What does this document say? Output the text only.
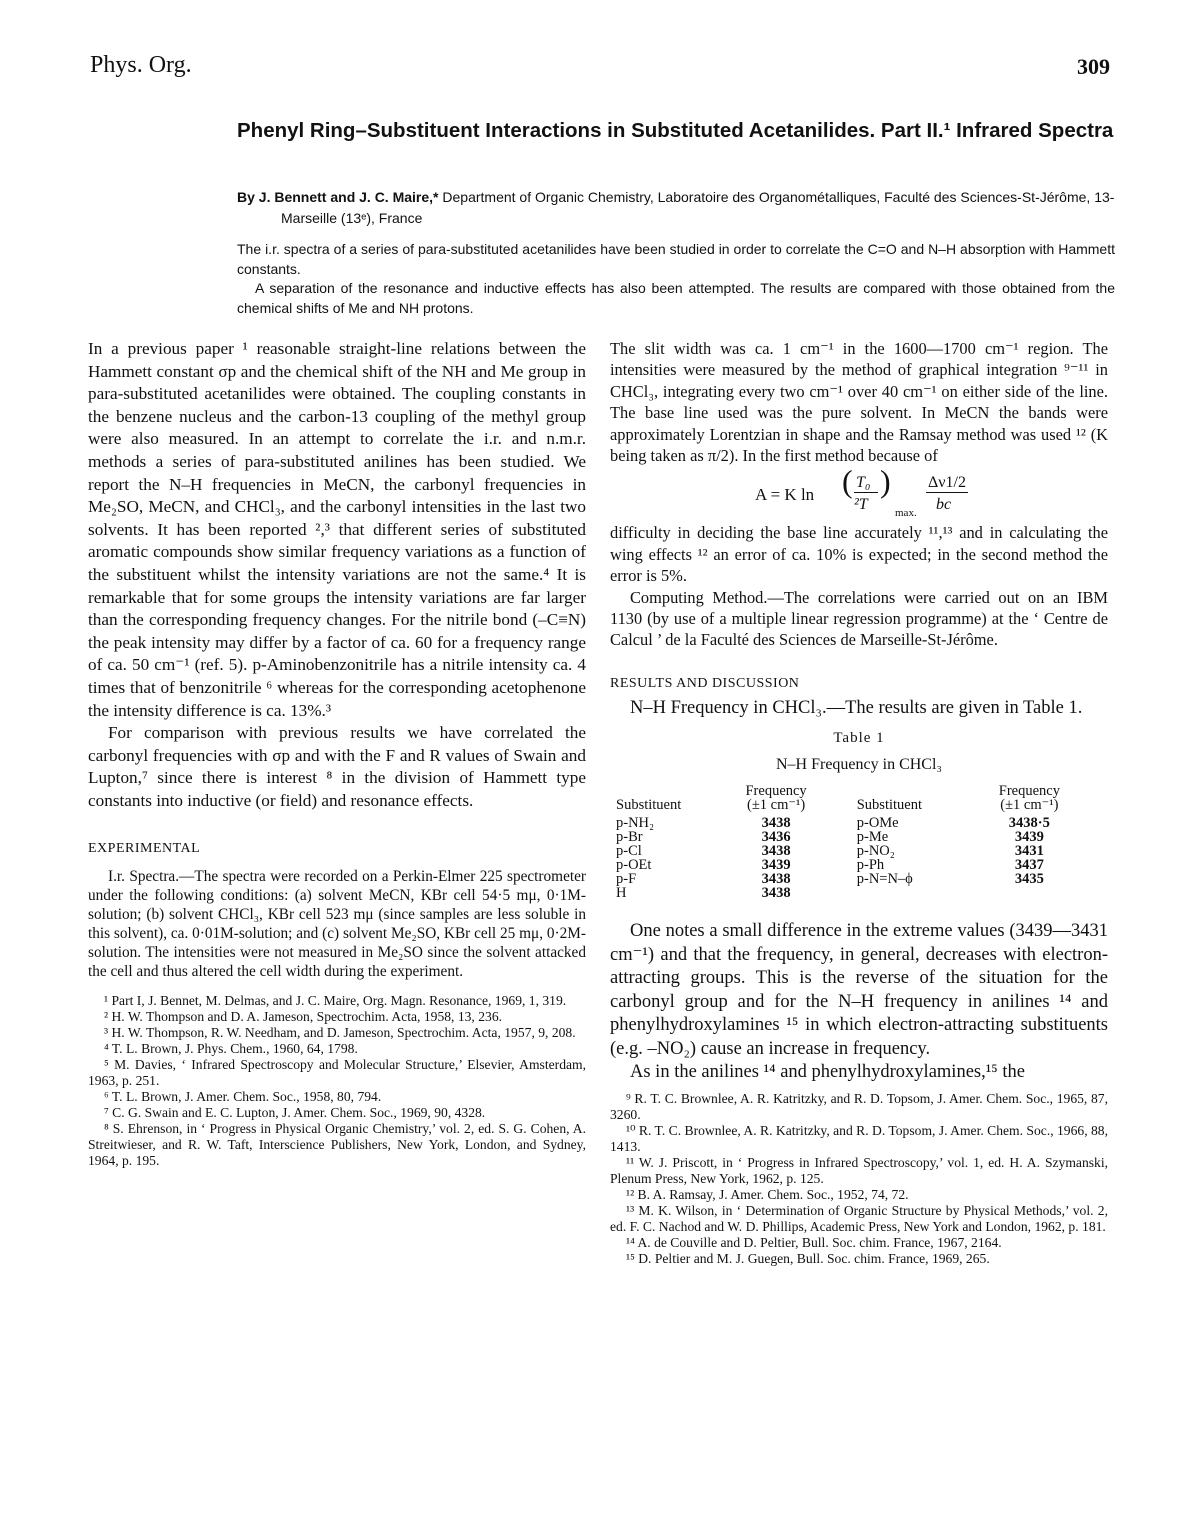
Phys. Org.	309
Phenyl Ring–Substituent Interactions in Substituted Acetanilides. Part II.¹ Infrared Spectra
By J. Bennett and J. C. Maire,* Department of Organic Chemistry, Laboratoire des Organométalliques, Faculté des Sciences-St-Jérôme, 13-Marseille (13ᵉ), France

The i.r. spectra of a series of para-substituted acetanilides have been studied in order to correlate the C=O and N–H absorption with Hammett constants.

A separation of the resonance and inductive effects has also been attempted. The results are compared with those obtained from the chemical shifts of Me and NH protons.

In a previous paper ¹ reasonable straight-line relations between the Hammett constant σp and the chemical shift of the NH and Me group in para-substituted acetanilides were obtained. The coupling constants in the benzene nucleus and the carbon-13 coupling of the methyl group were also measured. In an attempt to correlate the i.r. and n.m.r. methods a series of para-substituted anilines has been studied. We report the N–H frequencies in MeCN, the carbonyl frequencies in Me₂SO, MeCN, and CHCl₃, and the carbonyl intensities in the last two solvents. It has been reported ²,³ that different series of substituted aromatic compounds show similar frequency variations as a function of the substituent whilst the intensity variations are not the same.⁴ It is remarkable that for some groups the intensity variations are far larger than the corresponding frequency changes. For the nitrile bond (–C≡N) the peak intensity may differ by a factor of ca. 60 for a frequency range of ca. 50 cm⁻¹ (ref. 5). p-Aminobenzonitrile has a nitrile intensity ca. 4 times that of benzonitrile ⁶ whereas for the corresponding acetophenone the intensity difference is ca. 13%.³

For comparison with previous results we have correlated the carbonyl frequencies with σp and with the F and R values of Swain and Lupton,⁷ since there is interest ⁸ in the division of Hammett type constants into inductive (or field) and resonance effects.

EXPERIMENTAL

I.r. Spectra.—The spectra were recorded on a Perkin-Elmer 225 spectrometer under the following conditions: (a) solvent MeCN, KBr cell 54·5 mμ, 0·1M-solution; (b) solvent CHCl₃, KBr cell 523 mμ (since samples are less soluble in this solvent), ca. 0·01M-solution; and (c) solvent Me₂SO, KBr cell 25 mμ, 0·2M-solution. The intensities were not measured in Me₂SO since the solvent attacked the cell and thus altered the cell width during the experiment.

¹ Part I, J. Bennet, M. Delmas, and J. C. Maire, Org. Magn. Resonance, 1969, 1, 319.

² H. W. Thompson and D. A. Jameson, Spectrochim. Acta, 1958, 13, 236.

³ H. W. Thompson, R. W. Needham, and D. Jameson, Spectrochim. Acta, 1957, 9, 208.

⁴ T. L. Brown, J. Phys. Chem., 1960, 64, 1798.

⁵ M. Davies, ‘ Infrared Spectroscopy and Molecular Structure,’ Elsevier, Amsterdam, 1963, p. 251.

⁶ T. L. Brown, J. Amer. Chem. Soc., 1958, 80, 794.

⁷ C. G. Swain and E. C. Lupton, J. Amer. Chem. Soc., 1969, 90, 4328.

⁸ S. Ehrenson, in ‘ Progress in Physical Organic Chemistry,’ vol. 2, ed. S. G. Cohen, A. Streitwieser, and R. W. Taft, Interscience Publishers, New York, London, and Sydney, 1964, p. 195.

The slit width was ca. 1 cm⁻¹ in the 1600—1700 cm⁻¹ region. The intensities were measured by the method of graphical integration ⁹⁻¹¹ in CHCl₃, integrating every two cm⁻¹ over 40 cm⁻¹ on either side of the line. The base line used was the pure solvent. In MeCN the bands were approximately Lorentzian in shape and the Ramsay method was used ¹² (K being taken as π/2). In the first method because of

A = K ln ( T₀
²T
)
max.
Δν1/2
bc

difficulty in deciding the base line accurately ¹¹,¹³ and in calculating the wing effects ¹² an error of ca. 10% is expected; in the second method the error is 5%.

Computing Method.—The correlations were carried out on an IBM 1130 (by use of a multiple linear regression programme) at the ‘ Centre de Calcul ’ de la Faculté des Sciences de Marseille-St-Jérôme.

RESULTS AND DISCUSSION

N–H Frequency in CHCl₃.—The results are given in Table 1.

Table 1
N–H Frequency in CHCl₃
Substituent	Frequency
(±1 cm⁻¹)	Substituent	Frequency
(±1 cm⁻¹)
p-NH₂	3438	p-OMe	3438·5
p-Br	3436	p-Me	3439
p-Cl	3438	p-NO₂	3431
p-OEt	3439	p-Ph	3437
p-F	3438	p-N=N–ϕ	3435
H	3438		

One notes a small difference in the extreme values (3439—3431 cm⁻¹) and that the frequency, in general, decreases with electron-attracting groups. This is the reverse of the situation for the carbonyl group and for the N–H frequency in anilines ¹⁴ and phenylhydroxylamines ¹⁵ in which electron-attracting substituents (e.g. –NO₂) cause an increase in frequency.

As in the anilines ¹⁴ and phenylhydroxylamines,¹⁵ the

⁹ R. T. C. Brownlee, A. R. Katritzky, and R. D. Topsom, J. Amer. Chem. Soc., 1965, 87, 3260.

¹⁰ R. T. C. Brownlee, A. R. Katritzky, and R. D. Topsom, J. Amer. Chem. Soc., 1966, 88, 1413.

¹¹ W. J. Priscott, in ‘ Progress in Infrared Spectroscopy,’ vol. 1, ed. H. A. Szymanski, Plenum Press, New York, 1962, p. 125.

¹² B. A. Ramsay, J. Amer. Chem. Soc., 1952, 74, 72.

¹³ M. K. Wilson, in ‘ Determination of Organic Structure by Physical Methods,’ vol. 2, ed. F. C. Nachod and W. D. Phillips, Academic Press, New York and London, 1962, p. 181.

¹⁴ A. de Couville and D. Peltier, Bull. Soc. chim. France, 1967, 2164.

¹⁵ D. Peltier and M. J. Guegen, Bull. Soc. chim. France, 1969, 265.
